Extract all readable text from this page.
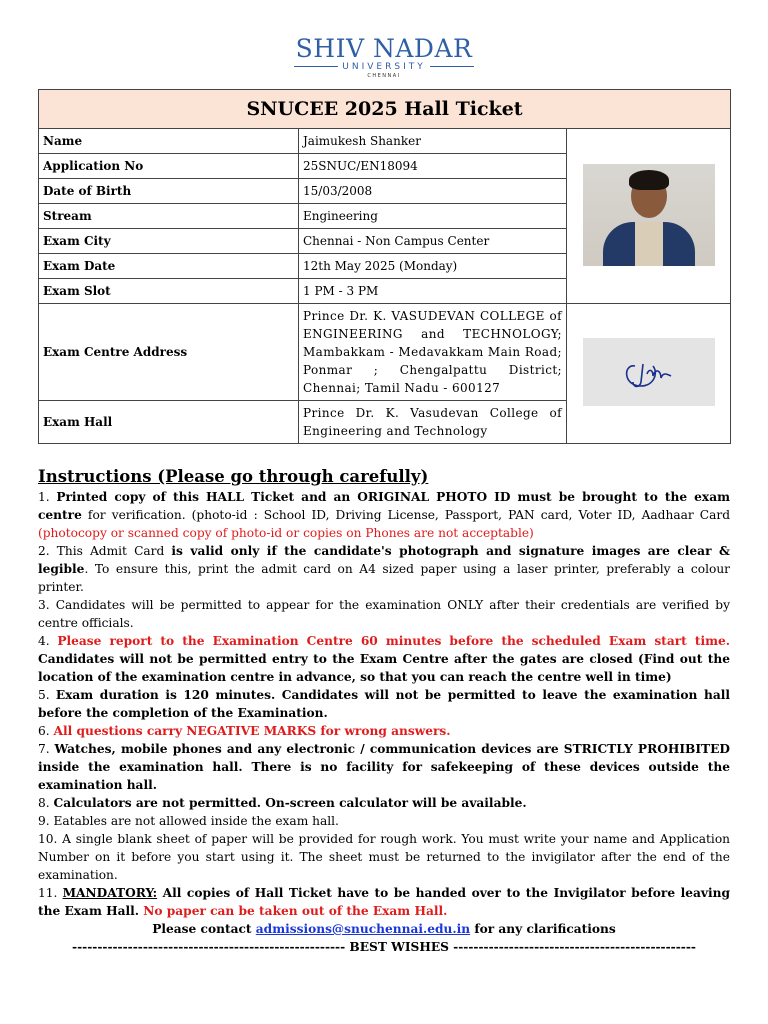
SHIV NADAR
UNIVERSITY
CHENNAI
SNUCEE 2025 Hall Ticket		
Name	Jaimukesh Shanker	

Application No	25SNUC/EN18094	
Date of Birth	15/03/2008	
Stream	Engineering	
Exam City	Chennai - Non Campus Center	
Exam Date	12th May 2025 (Monday)	
Exam Slot	1 PM - 3 PM	
Exam Centre Address	Prince Dr. K. VASUDEVAN COLLEGE of ENGINEERING and TECHNOLOGY; Mambakkam - Medavakkam Main Road; Ponmar ; Chengalpattu District; Chennai; Tamil Nadu - 600127	
Exam Hall	Prince Dr. K. Vasudevan College of Engineering and Technology	
Instructions (Please go through carefully)

1. Printed copy of this HALL Ticket and an ORIGINAL PHOTO ID must be brought to the exam centre for verification. (photo-id : School ID, Driving License, Passport, PAN card, Voter ID, Aadhaar Card (photocopy or scanned copy of photo-id or copies on Phones are not acceptable)

2. This Admit Card is valid only if the candidate's photograph and signature images are clear & legible. To ensure this, print the admit card on A4 sized paper using a laser printer, preferably a colour printer.

3. Candidates will be permitted to appear for the examination ONLY after their credentials are verified by centre officials.

4. Please report to the Examination Centre 60 minutes before the scheduled Exam start time. Candidates will not be permitted entry to the Exam Centre after the gates are closed (Find out the location of the examination centre in advance, so that you can reach the centre well in time)

5. Exam duration is 120 minutes. Candidates will not be permitted to leave the examination hall before the completion of the Examination.

6. All questions carry NEGATIVE MARKS for wrong answers.

7. Watches, mobile phones and any electronic / communication devices are STRICTLY PROHIBITED inside the examination hall. There is no facility for safekeeping of these devices outside the examination hall.

8. Calculators are not permitted. On-screen calculator will be available.

9. Eatables are not allowed inside the exam hall.

10. A single blank sheet of paper will be provided for rough work. You must write your name and Application Number on it before you start using it. The sheet must be returned to the invigilator after the end of the examination.

11. MANDATORY: All copies of Hall Ticket have to be handed over to the Invigilator before leaving the Exam Hall. No paper can be taken out of the Exam Hall.

Please contact admissions@snuchennai.edu.in for any clarifications

------------------------------------------------------ BEST WISHES ------------------------------------------------
